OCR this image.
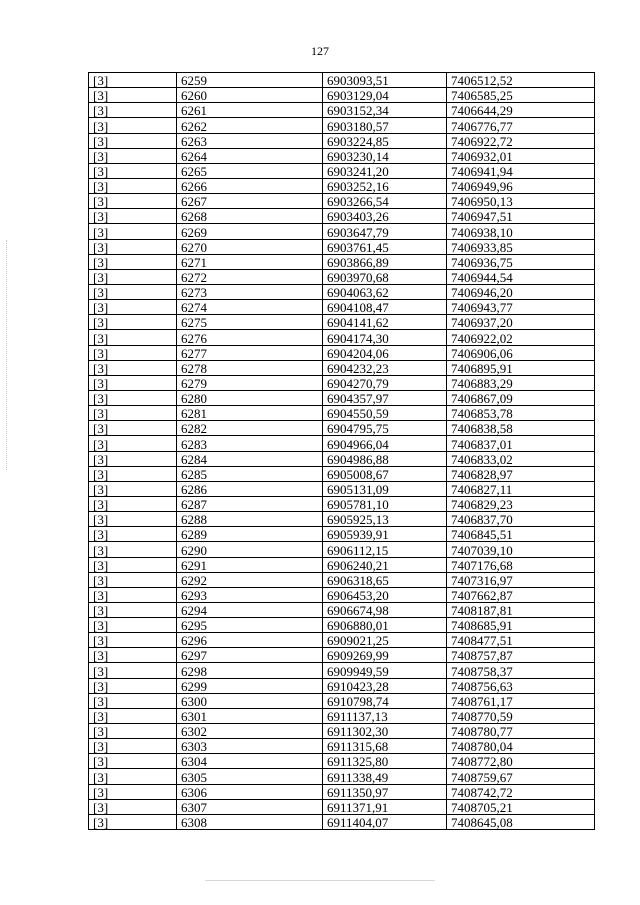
127
[3]	6259	6903093,51	7406512,52
[3]	6260	6903129,04	7406585,25
[3]	6261	6903152,34	7406644,29
[3]	6262	6903180,57	7406776,77
[3]	6263	6903224,85	7406922,72
[3]	6264	6903230,14	7406932,01
[3]	6265	6903241,20	7406941,94
[3]	6266	6903252,16	7406949,96
[3]	6267	6903266,54	7406950,13
[3]	6268	6903403,26	7406947,51
[3]	6269	6903647,79	7406938,10
[3]	6270	6903761,45	7406933,85
[3]	6271	6903866,89	7406936,75
[3]	6272	6903970,68	7406944,54
[3]	6273	6904063,62	7406946,20
[3]	6274	6904108,47	7406943,77
[3]	6275	6904141,62	7406937,20
[3]	6276	6904174,30	7406922,02
[3]	6277	6904204,06	7406906,06
[3]	6278	6904232,23	7406895,91
[3]	6279	6904270,79	7406883,29
[3]	6280	6904357,97	7406867,09
[3]	6281	6904550,59	7406853,78
[3]	6282	6904795,75	7406838,58
[3]	6283	6904966,04	7406837,01
[3]	6284	6904986,88	7406833,02
[3]	6285	6905008,67	7406828,97
[3]	6286	6905131,09	7406827,11
[3]	6287	6905781,10	7406829,23
[3]	6288	6905925,13	7406837,70
[3]	6289	6905939,91	7406845,51
[3]	6290	6906112,15	7407039,10
[3]	6291	6906240,21	7407176,68
[3]	6292	6906318,65	7407316,97
[3]	6293	6906453,20	7407662,87
[3]	6294	6906674,98	7408187,81
[3]	6295	6906880,01	7408685,91
[3]	6296	6909021,25	7408477,51
[3]	6297	6909269,99	7408757,87
[3]	6298	6909949,59	7408758,37
[3]	6299	6910423,28	7408756,63
[3]	6300	6910798,74	7408761,17
[3]	6301	6911137,13	7408770,59
[3]	6302	6911302,30	7408780,77
[3]	6303	6911315,68	7408780,04
[3]	6304	6911325,80	7408772,80
[3]	6305	6911338,49	7408759,67
[3]	6306	6911350,97	7408742,72
[3]	6307	6911371,91	7408705,21
[3]	6308	6911404,07	7408645,08
